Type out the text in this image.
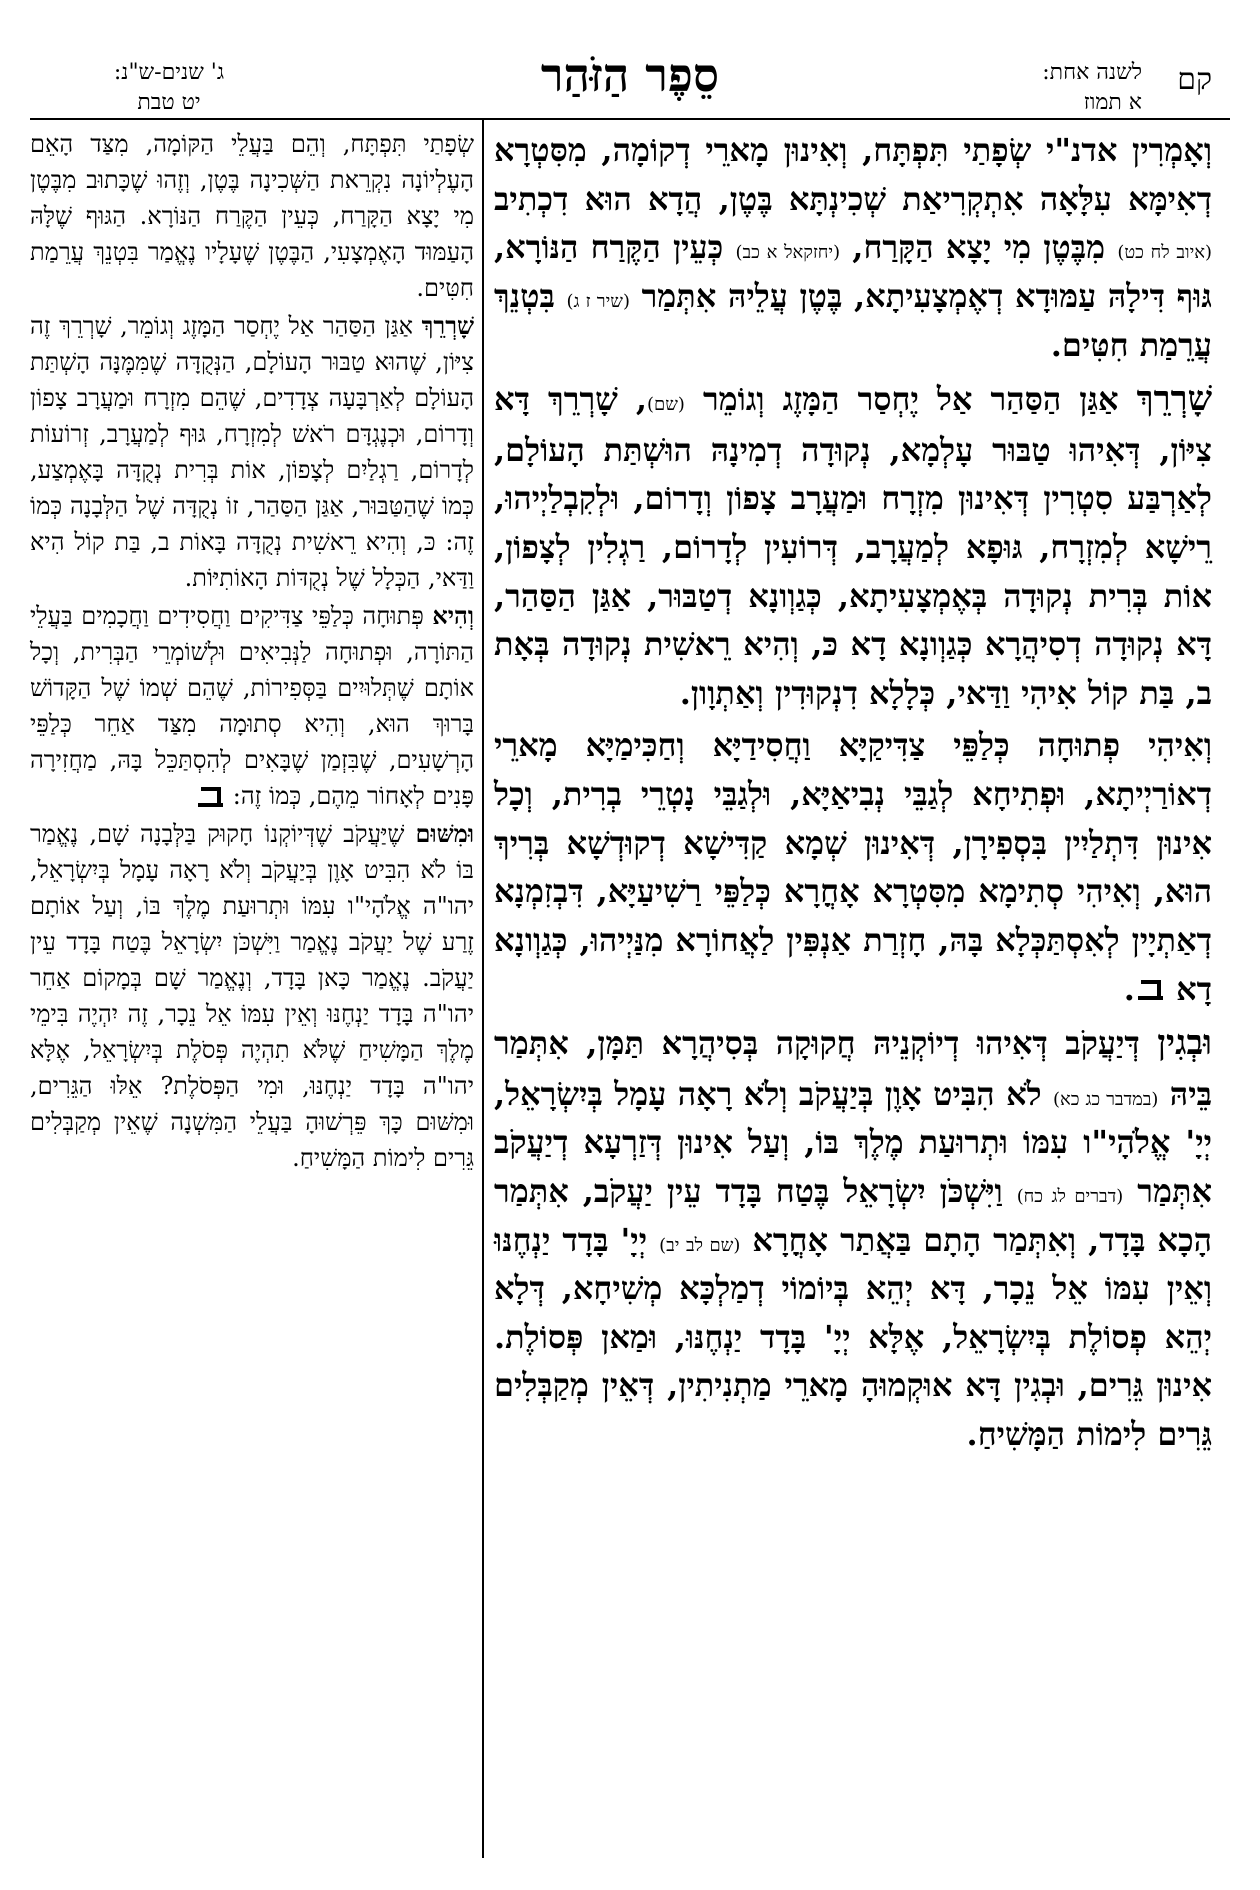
קם
לשנה אחת:
א תמוז
סֵפֶר הַזֹּהַר
ג' שנים-ש"נ:
יט טבת

וְאָמְרִין אדנ"י שְׂפָתַי תִּפְתָּח, וְאִינוּן מָארֵי דְקוֹמָה, מִסִּטְרָא דְאִימָּא עִלָּאָה אִתְקְרִיאַת שְׁכִינְתָּא בֶּטֶן, הֲדָא הוּא דִכְתִיב (איוב לח כט) מִבֶּטֶן מִי יָצָא הַקָּרַח, (יחזקאל א כב) כְּעֵין הַקֶּרַח הַנּוֹרָא, גּוּף דִּילָהּ עַמּוּדָא דְאֶמְצָעִיתָא, בֶּטֶן עֲלֵיהּ אִתְּמַר (שיר ז ג) בִּטְנֵךְ עֲרֵמַת חִטִּים.

שָׁרְרֵךְ אַגַּן הַסַּהַר אַל יֶחְסַר הַמָּזֶג וְגוֹמֵר (שם), שָׁרְרֵךְ דָּא צִיּוֹן, דְּאִיהוּ טַבּוּר עָלְמָא, נְקוּדָה דְמִינָהּ הוּשְׁתַּת הָעוֹלָם, לְאַרְבַּע סִטְרִין דְּאִינוּן מִזְרָח וּמַעֲרָב צָפוֹן וְדָרוֹם, וּלְקִבְלַיְיהוּ, רֵישָׁא לְמִזְרָח, גּוּפָא לְמַעֲרָב, דְּרוֹעִין לְדָרוֹם, רַגְלִין לְצָפוֹן, אוֹת בְּרִית נְקוּדָה בְּאֶמְצָעִיתָא, כְּגַוְונָא דְטַבּוּר, אַגַּן הַסַּהַר, דָּא נְקוּדָה דְסִיהֲרָא כְּגַוְונָא דָא כּ, וְהִיא רֵאשִׁית נְקוּדָה בְּאָת ב, בַּת קוֹל אִיהִי וַדַּאי, כְּלָלָא דִנְקוּדִין וְאַתְוָון.

וְאִיהִי פְתוּחָה כְּלַפֵּי צַדִּיקַיָּא וַחֲסִידַיָּא וְחַכִּימַיָּא מָארֵי דְאוֹרַיְיתָא, וּפְתִיחָא לְגַבֵּי נְבִיאַיָּא, וּלְגַבֵּי נָטְרֵי בְרִית, וְכָל אִינוּן דִּתְלַיִין בִּסְפִירָן, דְּאִינוּן שְׁמָא קַדִּישָׁא דְקוּדְשָׁא בְּרִיךְ הוּא, וְאִיהִי סְתִימָא מִסִּטְרָא אָחֳרָא כְּלַפֵּי רַשִׁיעַיָּא, דִּבְזִמְנָא דְאַתְיָין לְאִסְתַּכְּלָא בָּהּ, חָזְרַת אַנְפִּין לַאֲחוֹרָא מִנַּיְיהוּ, כְּגַוְונָא דָא .

וּבְגִין דְּיַעֲקֹב דְּאִיהוּ דְיוֹקְנֵיהּ חֲקוּקָה בְּסִיהֲרָא תַּמָּן, אִתְּמַר בֵּיהּ (במדבר כג כא) לֹא הִבִּיט אָוֶן בְּיַעֲקֹב וְלֹא רָאָה עָמָל בְּיִשְׂרָאֵל, יְיָ' אֱלֹהָי"ו עִמּוֹ וּתְרוּעַת מֶלֶךְ בּוֹ, וְעַל אִינוּן דְּזַרְעָא דְיַעֲקֹב אִתְּמַר (דברים לג כח) וַיִּשְׁכֹּן יִשְׂרָאֵל בֶּטַח בָּדָד עֵין יַעֲקֹב, אִתְּמַר הָכָא בָּדָד, וְאִתְּמַר הָתָם בַּאֲתַר אָחֳרָא (שם לב יב) יְיָ' בָּדָד יַנְחֶנּוּ וְאֵין עִמּוֹ אֵל נֵכָר, דָּא יְהֵא בְּיוֹמוֹי דְמַלְכָּא מְשִׁיחָא, דְּלָא יְהֵא פְסוֹלֶת בְּיִשְׂרָאֵל, אֶלָּא יְיָ' בָּדָד יַנְחֶנּוּ, וּמַאן פְּסוֹלֶת. אִינוּן גֵּרִים, וּבְגִין דָּא אוּקְמוּהָ מָארֵי מַתְנִיתִין, דְּאֵין מְקַבְּלִים גֵּרִים לִימוֹת הַמָּשִׁיחַ.

שְׂפָתַי תִּפְתָּח, וְהֵם בַּעֲלֵי הַקּוֹמָה, מִצַּד הָאֵם הָעֶלְיוֹנָה נִקְרֵאת הַשְּׁכִינָה בֶּטֶן, וְזֶהוּ שֶׁכָּתוּב מִבֶּטֶן מִי יָצָא הַקָּרַח, כְּעֵין הַקֶּרַח הַנּוֹרָא. הַגּוּף שֶׁלָּהּ הָעַמּוּד הָאֶמְצָעִי, הַבֶּטֶן שֶׁעָלָיו נֶאֱמַר בִּטְנֵךְ עֲרֵמַת חִטִּים.

שָׁרְרֵךְ אַגַּן הַסַּהַר אַל יֶחְסַר הַמָּזֶג וְגוֹמֵר, שָׁרְרֵךְ זֶה צִיּוֹן, שֶׁהוּא טַבּוּר הָעוֹלָם, הַנְּקֻדָּה שֶׁמִּמֶּנָּה הָשְׁתַּת הָעוֹלָם לְאַרְבָּעָה צְדָדִים, שֶׁהֵם מִזְרָח וּמַעֲרָב צָפוֹן וְדָרוֹם, וּכְנֶגְדָּם רֹאשׁ לְמִזְרָח, גּוּף לְמַעֲרָב, זְרוֹעוֹת לְדָרוֹם, רַגְלַיִם לְצָפוֹן, אוֹת בְּרִית נְקֻדָּה בָּאֶמְצַע, כְּמוֹ שֶׁהַטַּבּוּר, אַגַּן הַסַּהַר, זוֹ נְקֻדָּה שֶׁל הַלְּבָנָה כְּמוֹ זֶה: כּ, וְהִיא רֵאשִׁית נְקֻדָּה בָּאוֹת ב, בַּת קוֹל הִיא וַדַּאי, הַכְּלָל שֶׁל נְקֻדּוֹת הָאוֹתִיּוֹת.

וְהִיא פְּתוּחָה כְּלַפֵּי צַדִּיקִים וַחֲסִידִים וַחֲכָמִים בַּעֲלֵי הַתּוֹרָה, וּפְתוּחָה לַנְּבִיאִים וּלְשׁוֹמְרֵי הַבְּרִית, וְכָל אוֹתָם שֶׁתְּלוּיִים בַּסְּפִירוֹת, שֶׁהֵם שְׁמוֹ שֶׁל הַקָּדוֹשׁ בָּרוּךְ הוּא, וְהִיא סְתוּמָה מִצַּד אַחֵר כְּלַפֵּי הָרְשָׁעִים, שֶׁבִּזְמַן שֶׁבָּאִים לְהִסְתַּכֵּל בָּהּ, מַחֲזִירָה פָּנִים לְאָחוֹר מֵהֶם, כְּמוֹ זֶה:

וּמִשּׁוּם שֶׁיַּעֲקֹב שֶׁדְּיוֹקְנוֹ חָקוּק בַּלְּבָנָה שָׁם, נֶאֱמַר בּוֹ לֹא הִבִּיט אָוֶן בְּיַעֲקֹב וְלֹא רָאָה עָמָל בְּיִשְׂרָאֵל, יהו"ה אֱלֹהָי"ו עִמּוֹ וּתְרוּעַת מֶלֶךְ בּוֹ, וְעַל אוֹתָם זֶרַע שֶׁל יַעֲקֹב נֶאֱמַר וַיִּשְׁכֹּן יִשְׂרָאֵל בֶּטַח בָּדָד עֵין יַעֲקֹב. נֶאֱמַר כָּאן בָּדָד, וְנֶאֱמַר שָׁם בְּמָקוֹם אַחֵר יהו"ה בָּדָד יַנְחֶנּוּ וְאֵין עִמּוֹ אֵל נֵכָר, זֶה יִהְיֶה בִּימֵי מֶלֶךְ הַמָּשִׁיחַ שֶׁלֹּא תִהְיֶה פְּסֹלֶת בְּיִשְׂרָאֵל, אֶלָּא יהו"ה בָּדָד יַנְחֶנּוּ, וּמִי הַפְּסֹלֶת? אֵלּוּ הַגֵּרִים, וּמִשּׁוּם כָּךְ פֵּרְשׁוּהָ בַּעֲלֵי הַמִּשְׁנָה שֶׁאֵין מְקַבְּלִים גֵּרִים לִימוֹת הַמָּשִׁיחַ.
